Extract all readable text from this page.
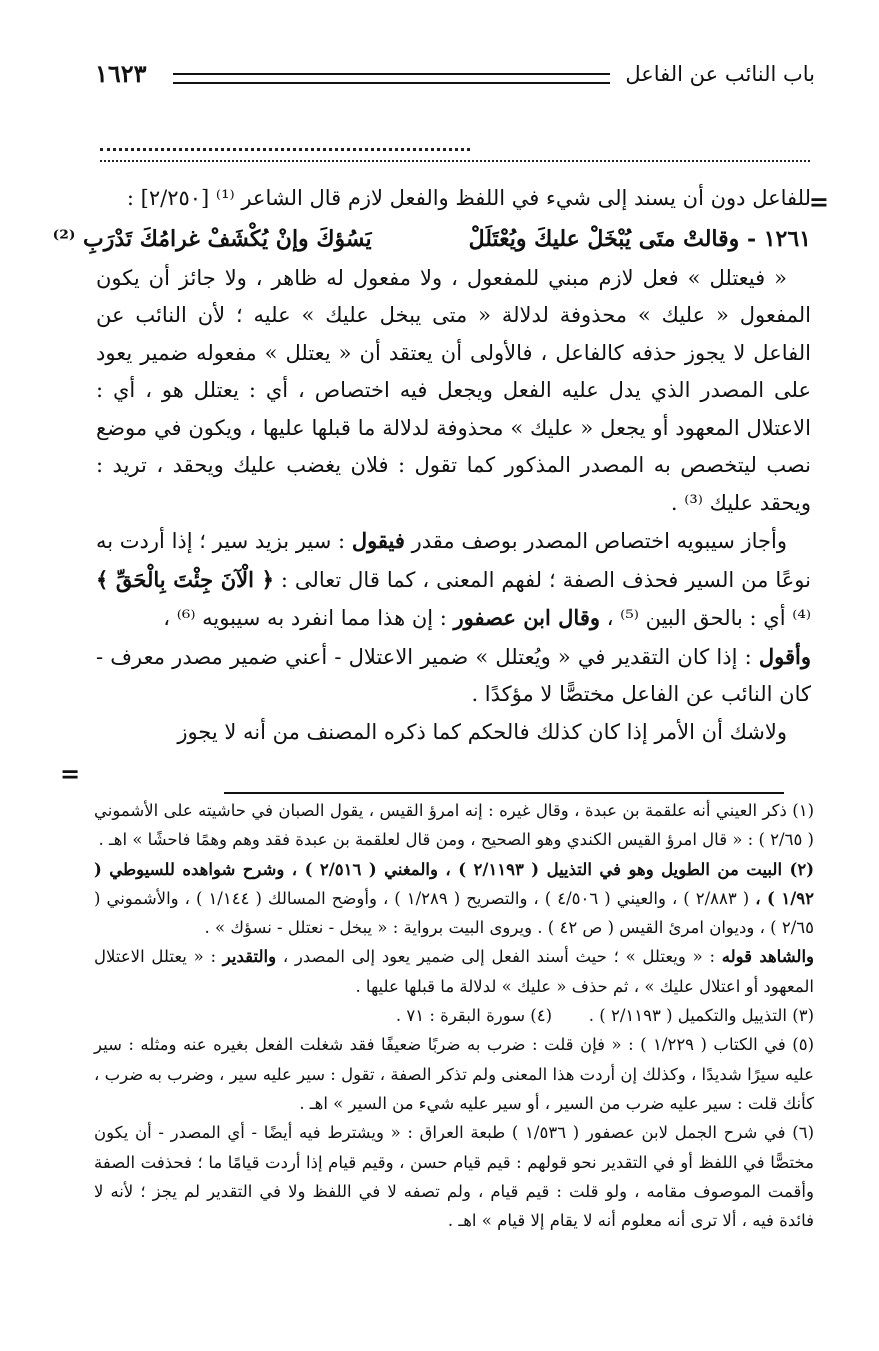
باب النائب عن الفاعل
١٦٢٣
=

للفاعل دون أن يسند إلى شيء في اللفظ والفعل لازم قال الشاعر ⁽¹⁾ [٢/٢٥٠] :

١٢٦١ - وقالتْ متَى يُبْخَلْ عليكَ ويُعْتَلَلْ يَسُؤكَ وإنْ يُكْشَفْ غرامُكَ تَدْرَبِ ⁽²⁾

« فيعتلل » فعل لازم مبني للمفعول ، ولا مفعول له ظاهر ، ولا جائز أن يكون المفعول « عليك » محذوفة لدلالة « متى يبخل عليك » عليه ؛ لأن النائب عن الفاعل لا يجوز حذفه كالفاعل ، فالأولى أن يعتقد أن « يعتلل » مفعوله ضمير يعود على المصدر الذي يدل عليه الفعل ويجعل فيه اختصاص ، أي : يعتلل هو ، أي : الاعتلال المعهود أو يجعل « عليك » محذوفة لدلالة ما قبلها عليها ، ويكون في موضع نصب ليتخصص به المصدر المذكور كما تقول : فلان يغضب عليك ويحقد ، تريد : ويحقد عليك ⁽³⁾ .

وأجاز سيبويه اختصاص المصدر بوصف مقدر فيقول : سير بزيد سير ؛ إذا أردت به نوعًا من السير فحذف الصفة ؛ لفهم المعنى ، كما قال تعالى : ﴿ الْآنَ جِئْتَ بِالْحَقِّ ﴾ ⁽⁴⁾ أي : بالحق البين ⁽⁵⁾ ، وقال ابن عصفور : إن هذا مما انفرد به سيبويه ⁽⁶⁾ ،

وأقول : إذا كان التقدير في « ويُعتلل » ضمير الاعتلال - أعني ضمير مصدر معرف - كان النائب عن الفاعل مختصًّا لا مؤكدًا .

ولاشك أن الأمر إذا كان كذلك فالحكم كما ذكره المصنف من أنه لا يجوز

=

(١) ذكر العيني أنه علقمة بن عبدة ، وقال غيره : إنه امرؤ القيس ، يقول الصبان في حاشيته على الأشموني ( ٢/٦٥ ) : « قال امرؤ القيس الكندي وهو الصحيح ، ومن قال لعلقمة بن عبدة فقد وهم وهمًا فاحشًا » اهـ .

(٢) البيت من الطويل وهو في التذييل ( ٢/١١٩٣ ) ، والمغني ( ٢/٥١٦ ) ، وشرح شواهده للسيوطي ( ١/٩٢ ) ، ( ٢/٨٨٣ ) ، والعيني ( ٤/٥٠٦ ) ، والتصريح ( ١/٢٨٩ ) ، وأوضح المسالك ( ١/١٤٤ ) ، والأشموني ( ٢/٦٥ ) ، وديوان امرئ القيس ( ص ٤٢ ) . ويروى البيت برواية : « يبخل - نعتلل - نسؤك » .

والشاهد قوله : « ويعتلل » ؛ حيث أسند الفعل إلى ضمير يعود إلى المصدر ، والتقدير : « يعتلل الاعتلال المعهود أو اعتلال عليك » ، ثم حذف « عليك » لدلالة ما قبلها عليها .

(٣) التذييل والتكميل ( ٢/١١٩٣ ) .       (٤) سورة البقرة : ٧١ .

(٥) في الكتاب ( ١/٢٢٩ ) : « فإن قلت : ضرب به ضربًا ضعيفًا فقد شغلت الفعل بغيره عنه ومثله : سير عليه سيرًا شديدًا ، وكذلك إن أردت هذا المعنى ولم تذكر الصفة ، تقول : سير عليه سير ، وضرب به ضرب ، كأنك قلت : سير عليه ضرب من السير ، أو سير عليه شيء من السير » اهـ .

(٦) في شرح الجمل لابن عصفور ( ١/٥٣٦ ) طبعة العراق : « ويشترط فيه أيضًا - أي المصدر - أن يكون مختصًّا في اللفظ أو في التقدير نحو قولهم : قيم قيام حسن ، وقيم قيام إذا أردت قيامًا ما ؛ فحذفت الصفة وأقمت الموصوف مقامه ، ولو قلت : قيم قيام ، ولم تصفه لا في اللفظ ولا في التقدير لم يجز ؛ لأنه لا فائدة فيه ، ألا ترى أنه معلوم أنه لا يقام إلا قيام » اهـ .
